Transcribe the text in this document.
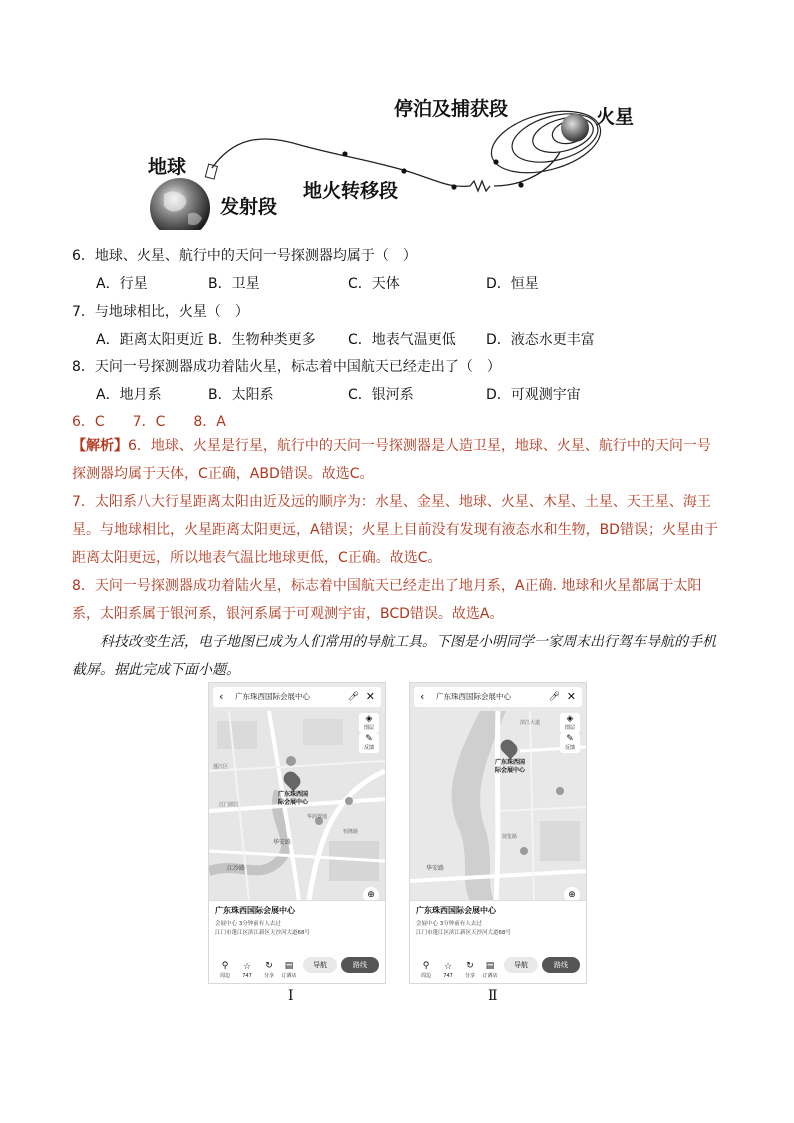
地球
发射段
地火转移段
停泊及捕获段	火星
6．地球、火星、航行中的天问一号探测器均属于（　）
A．行星	B．卫星	C．天体	D．恒星
7．与地球相比，火星（　）
A．距离太阳更近 B．生物种类更多 C．地表气温更低 D．液态水更丰富
8．天问一号探测器成功着陆火星，标志着中国航天已经走出了（　）
A．地月系	B．太阳系	C．银河系	D．可观测宇宙
6．C　　7．C　　8．A
【解析】6．地球、火星是行星，航行中的天问一号探测器是人造卫星，地球、火星、航行中的天问一号探测器均属于天体，C正确，ABD错误。故选C。
7．太阳系八大行星距离太阳由近及远的顺序为：水星、金星、地球、火星、木星、土星、天王星、海王星。与地球相比，火星距离太阳更远，A错误；火星上目前没有发现有液态水和生物，BD错误；火星由于距离太阳更远，所以地表气温比地球更低，C正确。故选C。
8．天问一号探测器成功着陆火星，标志着中国航天已经走出了地月系，A正确. 地球和火星都属于太阳系，太阳系属于银河系，银河系属于可观测宇宙，BCD错误。故选A。
科技改变生活，电子地图已成为人们常用的导航工具。下图是小明同学一家周末出行驾车导航的手机截屏。据此完成下面小题。
‹ 广东珠西国际会展中心	🎤︎ ✕
◈
图层
✎
反馈
广东珠西国
际会展中心
江门滨江
华润置地
恒隆路
华安路
江沙路
蓬江区
⊕
广东珠西国际会展中心
会展中心 3分钟前有人去过
江门市蓬江区滨江新区天沙河大道68号
⚲
周边
☆
747
↻
分享
▤
订酒店
导航	路线
Ⅰ
‹ 广东珠西国际会展中心	🎤︎ ✕
◈
图层
✎
反馈
广东珠西国
际会展中心
滨江大道
华安路
展览路
⊕
广东珠西国际会展中心
会展中心 3分钟前有人去过
江门市蓬江区滨江新区天沙河大道68号
⚲
周边
☆
747
↻
分享
▤
订酒店
导航	路线
Ⅱ
